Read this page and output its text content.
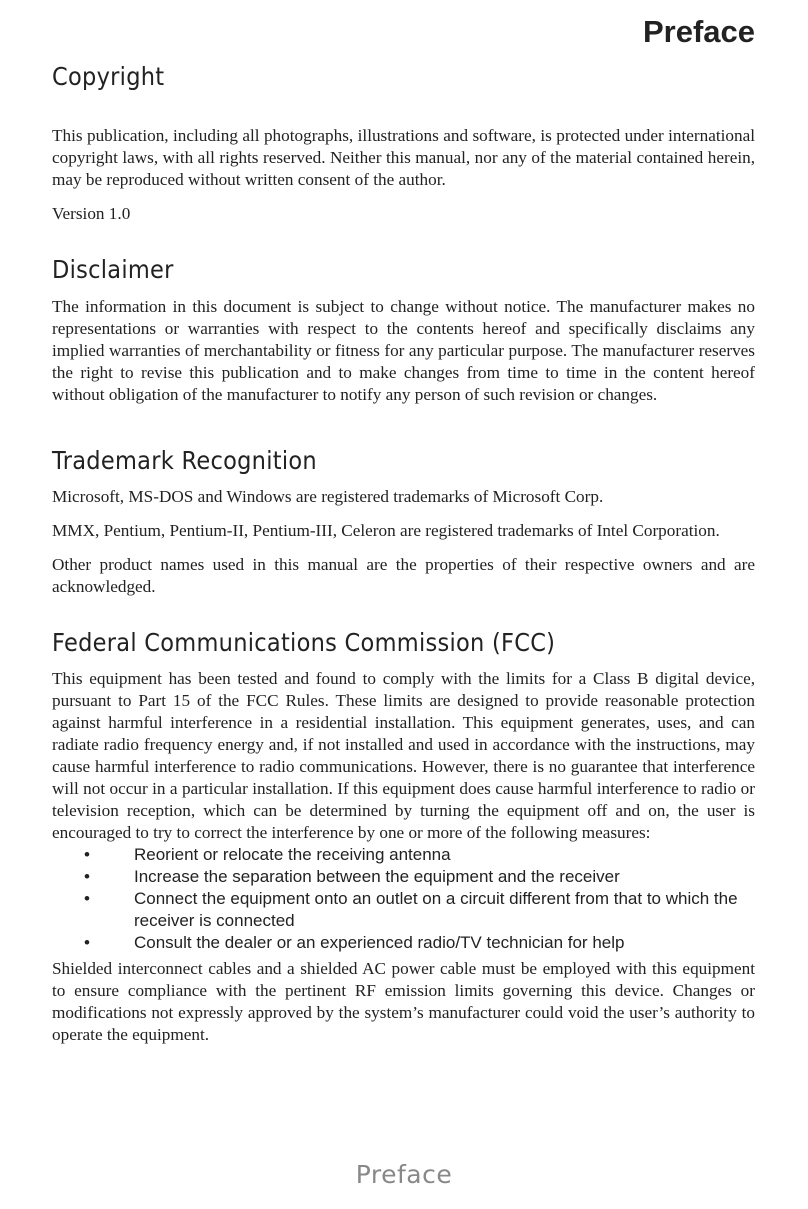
Preface
Copyright

This publication, including all photographs, illustrations and software, is protected under international copyright laws, with all rights reserved. Neither this manual, nor any of the material contained herein, may be reproduced without written consent of the author.

Version 1.0

Disclaimer

The information in this document is subject to change without notice. The manufacturer makes no representations or warranties with respect to the contents hereof and specifically disclaims any implied warranties of merchantability or fitness for any particular purpose. The manufacturer reserves the right to revise this publication and to make changes from time to time in the content hereof without obligation of the manufacturer to notify any person of such revision or changes.

Trademark Recognition

Microsoft, MS-DOS and Windows are registered trademarks of Microsoft Corp.

MMX, Pentium, Pentium-II, Pentium-III, Celeron are registered trademarks of Intel Corporation.

Other product names used in this manual are the properties of their respective owners and are acknowledged.

Federal Communications Commission (FCC)

This equipment has been tested and found to comply with the limits for a Class B digital device, pursuant to Part 15 of the FCC Rules. These limits are designed to provide reasonable protection against harmful interference in a residential installation. This equipment generates, uses, and can radiate radio frequency energy and, if not installed and used in accordance with the instructions, may cause harmful interference to radio communications. However, there is no guarantee that interference will not occur in a particular installation. If this equipment does cause harmful interference to radio or television reception, which can be determined by turning the equipment off and on, the user is encouraged to try to correct the interference by one or more of the following measures:

•	Reorient or relocate the receiving antenna
•	Increase the separation between the equipment and the receiver
•	Connect the equipment onto an outlet on a circuit different from that to which the receiver is connected
•	Consult the dealer or an experienced radio/TV technician for help

Shielded interconnect cables and a shielded AC power cable must be employed with this equipment to ensure compliance with the pertinent RF emission limits governing this device. Changes or modifications not expressly approved by the system’s manufacturer could void the user’s authority to operate the equipment.

Preface
